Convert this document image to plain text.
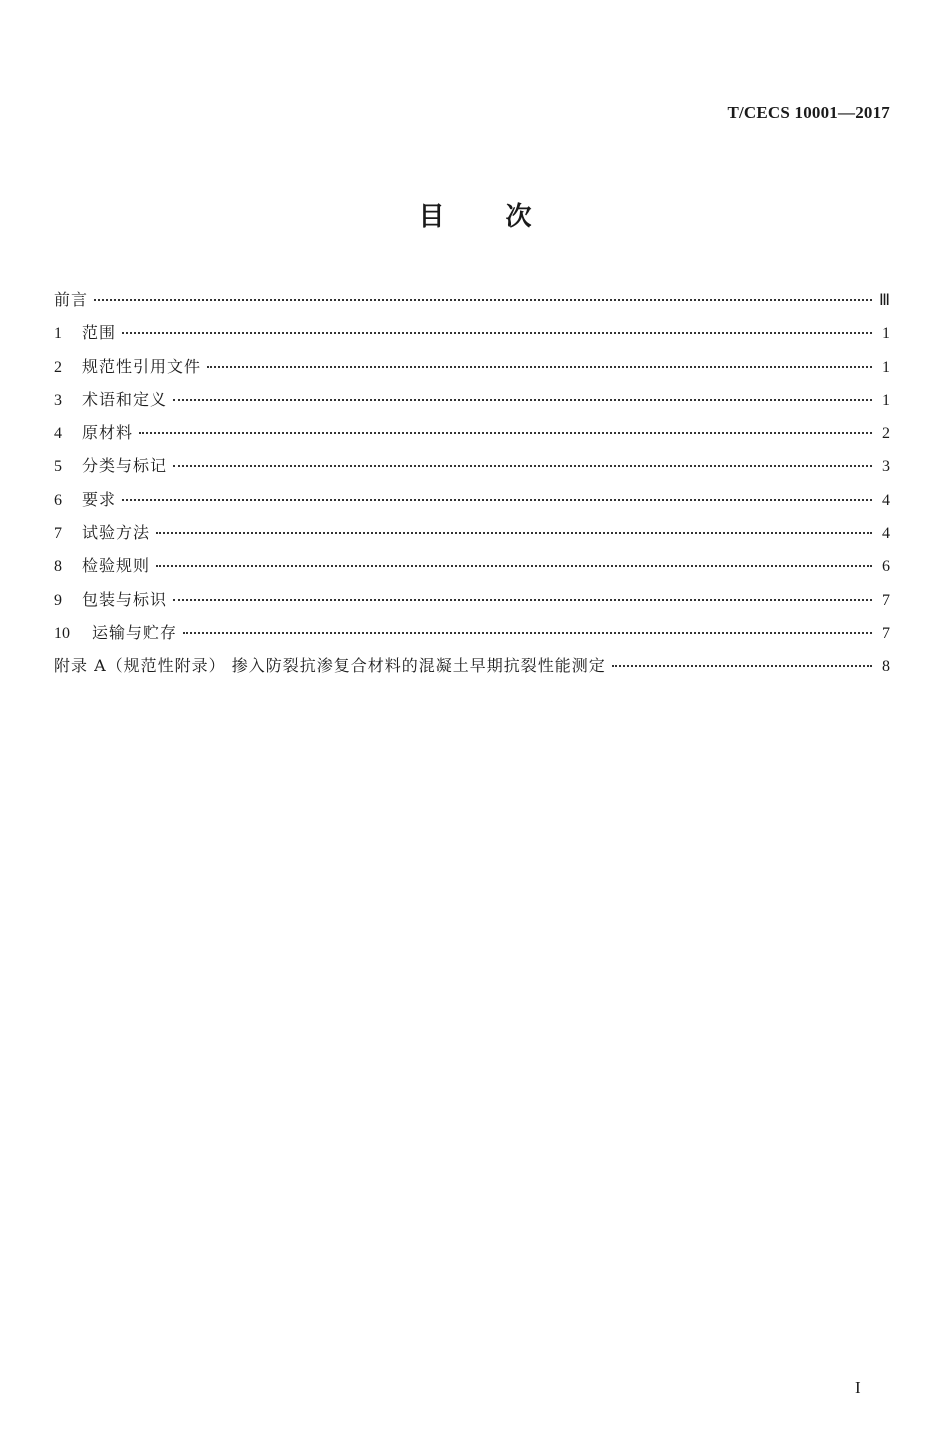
T/CECS 10001—2017
目 次
前言	Ⅲ
1	范围	1
2	规范性引用文件	1
3	术语和定义	1
4	原材料	2
5	分类与标记	3
6	要求	4
7	试验方法	4
8	检验规则	6
9	包装与标识	7
10	运输与贮存	7
附录 A（规范性附录） 掺入防裂抗渗复合材料的混凝土早期抗裂性能测定	8
I
